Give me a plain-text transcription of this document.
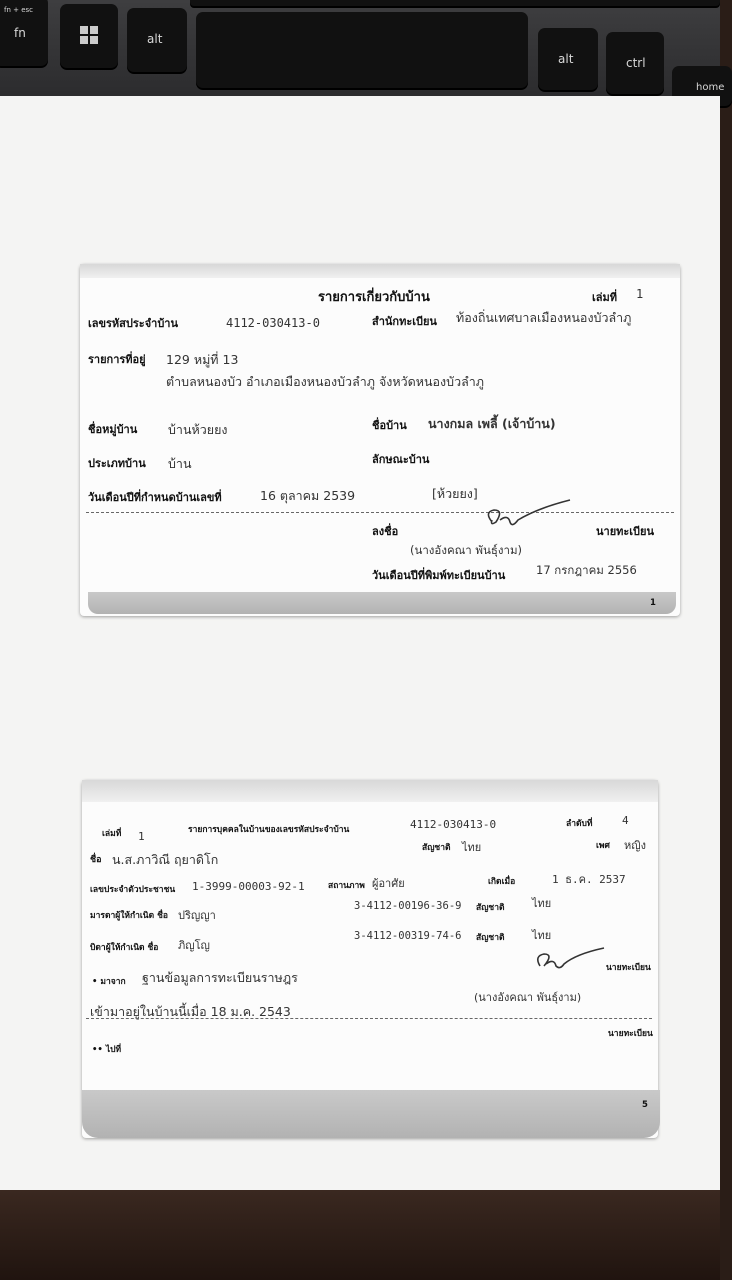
fn + esc
fn	alt
alt	ctrl
home
รายการเกี่ยวกับบ้าน	เล่มที่ 1
เลขรหัสประจำบ้าน	4112-030413-0	สำนักทะเบียน ท้องถิ่นเทศบาลเมืองหนองบัวลำภู
รายการที่อยู่ 129 หมู่ที่ 13
ตำบลหนองบัว อำเภอเมืองหนองบัวลำภู จังหวัดหนองบัวลำภู
ชื่อหมู่บ้าน บ้านห้วยยง	ชื่อบ้าน นางกมล เพลี้ (เจ้าบ้าน)
ประเภทบ้าน บ้าน	ลักษณะบ้าน
วันเดือนปีที่กำหนดบ้านเลขที่	16 ตุลาคม 2539	[ห้วยยง]
ลงชื่อ	นายทะเบียน
(นางอังคณา พันธุ์งาม)
วันเดือนปีที่พิมพ์ทะเบียนบ้าน	17 กรกฎาคม 2556
1
เล่มที่ 1	รายการบุคคลในบ้านของเลขรหัสประจำบ้าน	4112-030413-0	ลำดับที่	4
ชื่อ น.ส.ภาวิณี ฤยาดิโก
สัญชาติ ไทย	เพศ หญิง
เลขประจำตัวประชาชน 1-3999-00003-92-1	สถานภาพ ผู้อาศัย	เกิดเมื่อ	1 ธ.ค. 2537
มารดาผู้ให้กำเนิด ชื่อ ปริญญา
3-4112-00196-36-9 สัญชาติ	ไทย
บิดาผู้ให้กำเนิด ชื่อ ภิญโญ
3-4112-00319-74-6 สัญชาติ	ไทย
• มาจาก ฐานข้อมูลการทะเบียนราษฎร
นายทะเบียน
เข้ามาอยู่ในบ้านนี้เมื่อ 18 ม.ค. 2543
(นางอังคณา พันธุ์งาม)
นายทะเบียน
•• ไปที่
5
